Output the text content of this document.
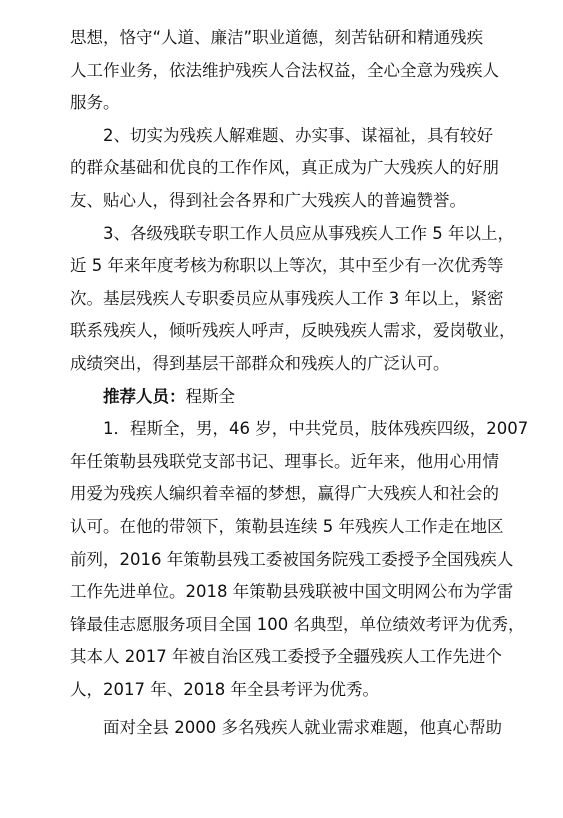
思想，恪守“人道、廉洁”职业道德，刻苦钻研和精通残疾
人工作业务，依法维护残疾人合法权益，全心全意为残疾人
服务。
2、切实为残疾人解难题、办实事、谋福祉，具有较好
的群众基础和优良的工作作风，真正成为广大残疾人的好朋
友、贴心人，得到社会各界和广大残疾人的普遍赞誉。
3、各级残联专职工作人员应从事残疾人工作 5 年以上，
近 5 年来年度考核为称职以上等次，其中至少有一次优秀等
次。基层残疾人专职委员应从事残疾人工作 3 年以上，紧密
联系残疾人，倾听残疾人呼声，反映残疾人需求，爱岗敬业，
成绩突出，得到基层干部群众和残疾人的广泛认可。
推荐人员：程斯全
1．程斯全，男，46 岁，中共党员，肢体残疾四级，2007
年任策勒县残联党支部书记、理事长。近年来，他用心用情
用爱为残疾人编织着幸福的梦想，赢得广大残疾人和社会的
认可。在他的带领下，策勒县连续 5 年残疾人工作走在地区
前列，2016 年策勒县残工委被国务院残工委授予全国残疾人
工作先进单位。2018 年策勒县残联被中国文明网公布为学雷
锋最佳志愿服务项目全国 100 名典型，单位绩效考评为优秀，
其本人 2017 年被自治区残工委授予全疆残疾人工作先进个
人，2017 年、2018 年全县考评为优秀。
面对全县 2000 多名残疾人就业需求难题，他真心帮助
